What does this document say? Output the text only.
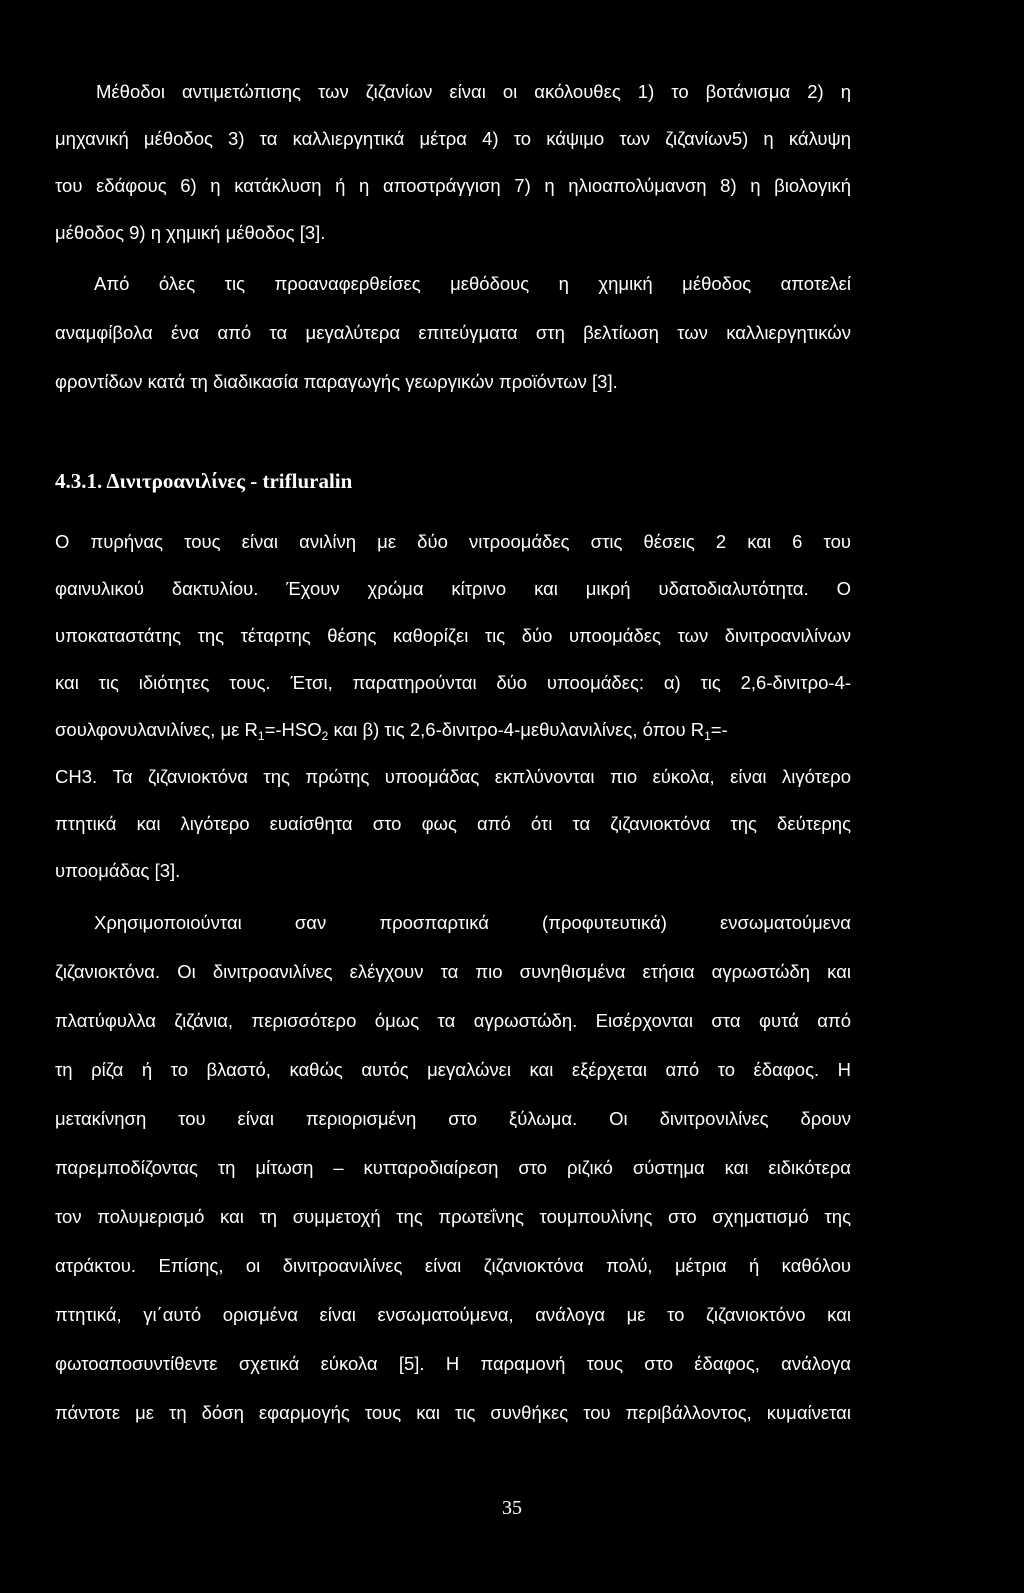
Μέθοδοι αντιμετώπισης των ζιζανίων είναι οι ακόλουθες 1) το βοτάνισμα 2) η
μηχανική μέθοδος 3) τα καλλιεργητικά μέτρα 4) το κάψιμο των ζιζανίων5) η κάλυψη
του εδάφους 6) η κατάκλυση ή η αποστράγγιση 7) η ηλιοαπολύμανση 8) η βιολογική
μέθοδος 9) η χημική μέθοδος [3].
Από όλες τις προαναφερθείσες μεθόδους η χημική μέθοδος αποτελεί
αναμφίβολα ένα από τα μεγαλύτερα επιτεύγματα στη βελτίωση των καλλιεργητικών
φροντίδων κατά τη διαδικασία παραγωγής γεωργικών προϊόντων [3].
4.3.1. Δινιτροανιλίνες - trifluralin
Ο πυρήνας τους είναι ανιλίνη με δύο νιτροομάδες στις θέσεις 2 και 6 του
φαινυλικού δακτυλίου. Έχουν χρώμα κίτρινο και μικρή υδατοδιαλυτότητα. Ο
υποκαταστάτης της τέταρτης θέσης καθορίζει τις δύο υποομάδες των δινιτροανιλίνων
και τις ιδιότητες τους. Έτσι, παρατηρούνται δύο υποομάδες: α) τις 2,6-δινιτρο-4-
σουλφονυλανιλίνες, με $R_1=-HSO_2$ και β) τις 2,6-δινιτρο-4-μεθυλανιλίνες, όπου $R_1=-$
CH3. Τα ζιζανιοκτόνα της πρώτης υποομάδας εκπλύνονται πιο εύκολα, είναι λιγότερο
πτητικά και λιγότερο ευαίσθητα στο φως από ότι τα ζιζανιοκτόνα της δεύτερης
υποομάδας [3].
Χρησιμοποιούνται σαν προσπαρτικά (προφυτευτικά) ενσωματούμενα
ζιζανιοκτόνα. Οι δινιτροανιλίνες ελέγχουν τα πιο συνηθισμένα ετήσια αγρωστώδη και
πλατύφυλλα ζιζάνια, περισσότερο όμως τα αγρωστώδη. Εισέρχονται στα φυτά από
τη ρίζα ή το βλαστό, καθώς αυτός μεγαλώνει και εξέρχεται από το έδαφος. Η
μετακίνηση του είναι περιορισμένη στο ξύλωμα. Οι δινιτρονιλίνες δρουν
παρεμποδίζοντας τη μίτωση – κυτταροδιαίρεση στο ριζικό σύστημα και ειδικότερα
τον πολυμερισμό και τη συμμετοχή της πρωτεΐνης τουμπουλίνης στο σχηματισμό της
ατράκτου. Επίσης, οι δινιτροανιλίνες είναι ζιζανιοκτόνα πολύ, μέτρια ή καθόλου
πτητικά, γι΄αυτό ορισμένα είναι ενσωματούμενα, ανάλογα με το ζιζανιοκτόνο και
φωτοαποσυντίθεντε σχετικά εύκολα [5]. Η παραμονή τους στο έδαφος, ανάλογα
πάντοτε με τη δόση εφαρμογής τους και τις συνθήκες του περιβάλλοντος, κυμαίνεται
35
